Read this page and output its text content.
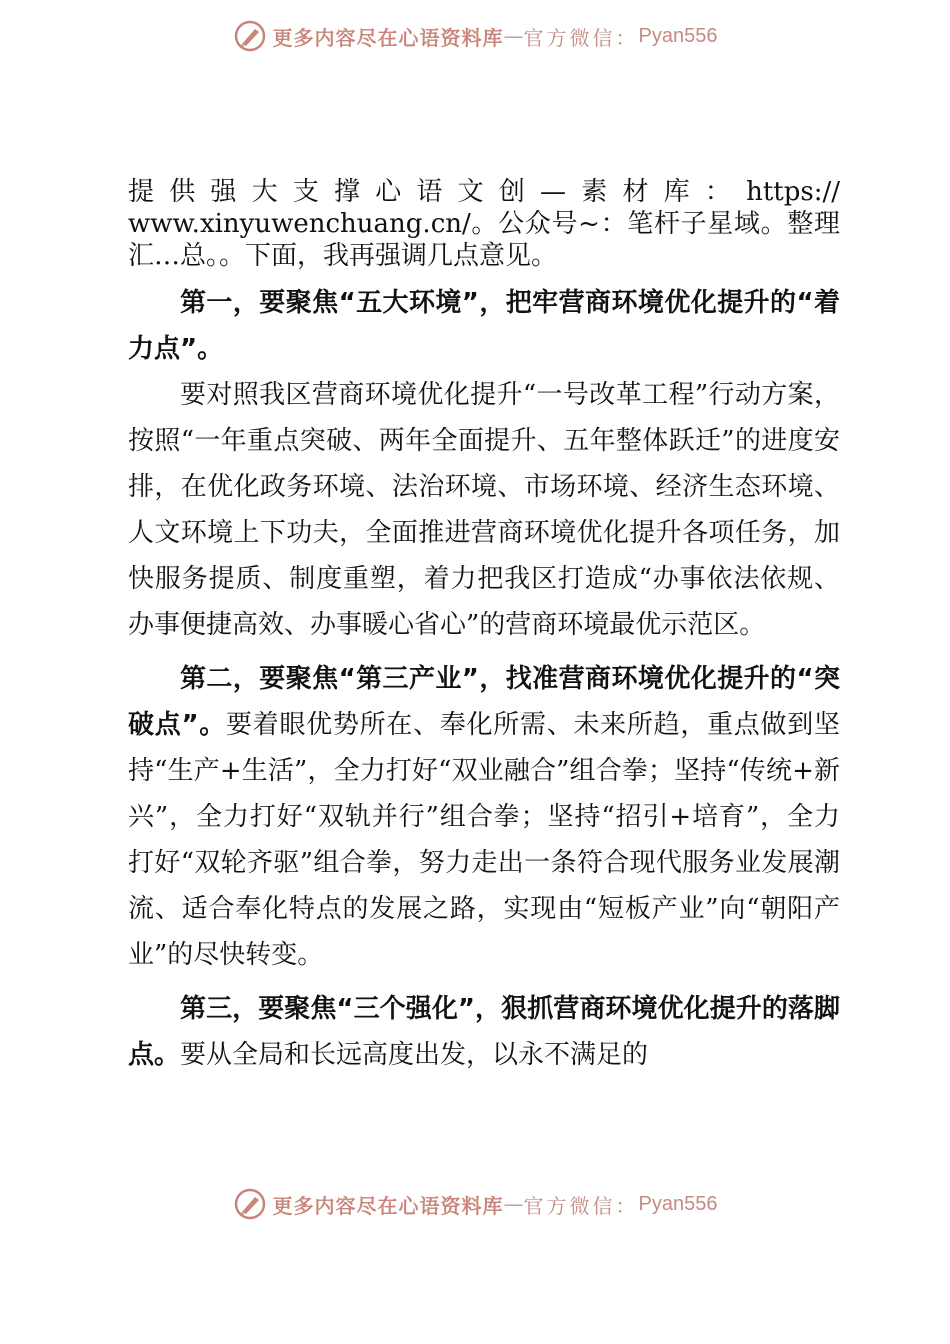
更多内容尽在心语资料库 — 官方微信： Pyan556

提供强大支撑心语文创—素材库：https:// www.xinyuwenchuang.cn/。公众号~：笔杆子星域。整理汇…总。。下面，我再强调几点意见。

第一，要聚焦“五大环境”，把牢营商环境优化提升的“着力点”。

要对照我区营商环境优化提升“一号改革工程”行动方案，按照“一年重点突破、两年全面提升、五年整体跃迁”的进度安排，在优化政务环境、法治环境、市场环境、经济生态环境、人文环境上下功夫，全面推进营商环境优化提升各项任务，加快服务提质、制度重塑，着力把我区打造成“办事依法依规、办事便捷高效、办事暖心省心”的营商环境最优示范区。

第二，要聚焦“第三产业”，找准营商环境优化提升的“突破点”。要着眼优势所在、奉化所需、未来所趋，重点做到坚持“生产+生活”，全力打好“双业融合”组合拳；坚持“传统+新兴”，全力打好“双轨并行”组合拳；坚持“招引+培育”，全力打好“双轮齐驱”组合拳，努力走出一条符合现代服务业发展潮流、适合奉化特点的发展之路，实现由“短板产业”向“朝阳产业”的尽快转变。

第三，要聚焦“三个强化”，狠抓营商环境优化提升的落脚点。要从全局和长远高度出发，以永不满足的

更多内容尽在心语资料库 — 官方微信： Pyan556
